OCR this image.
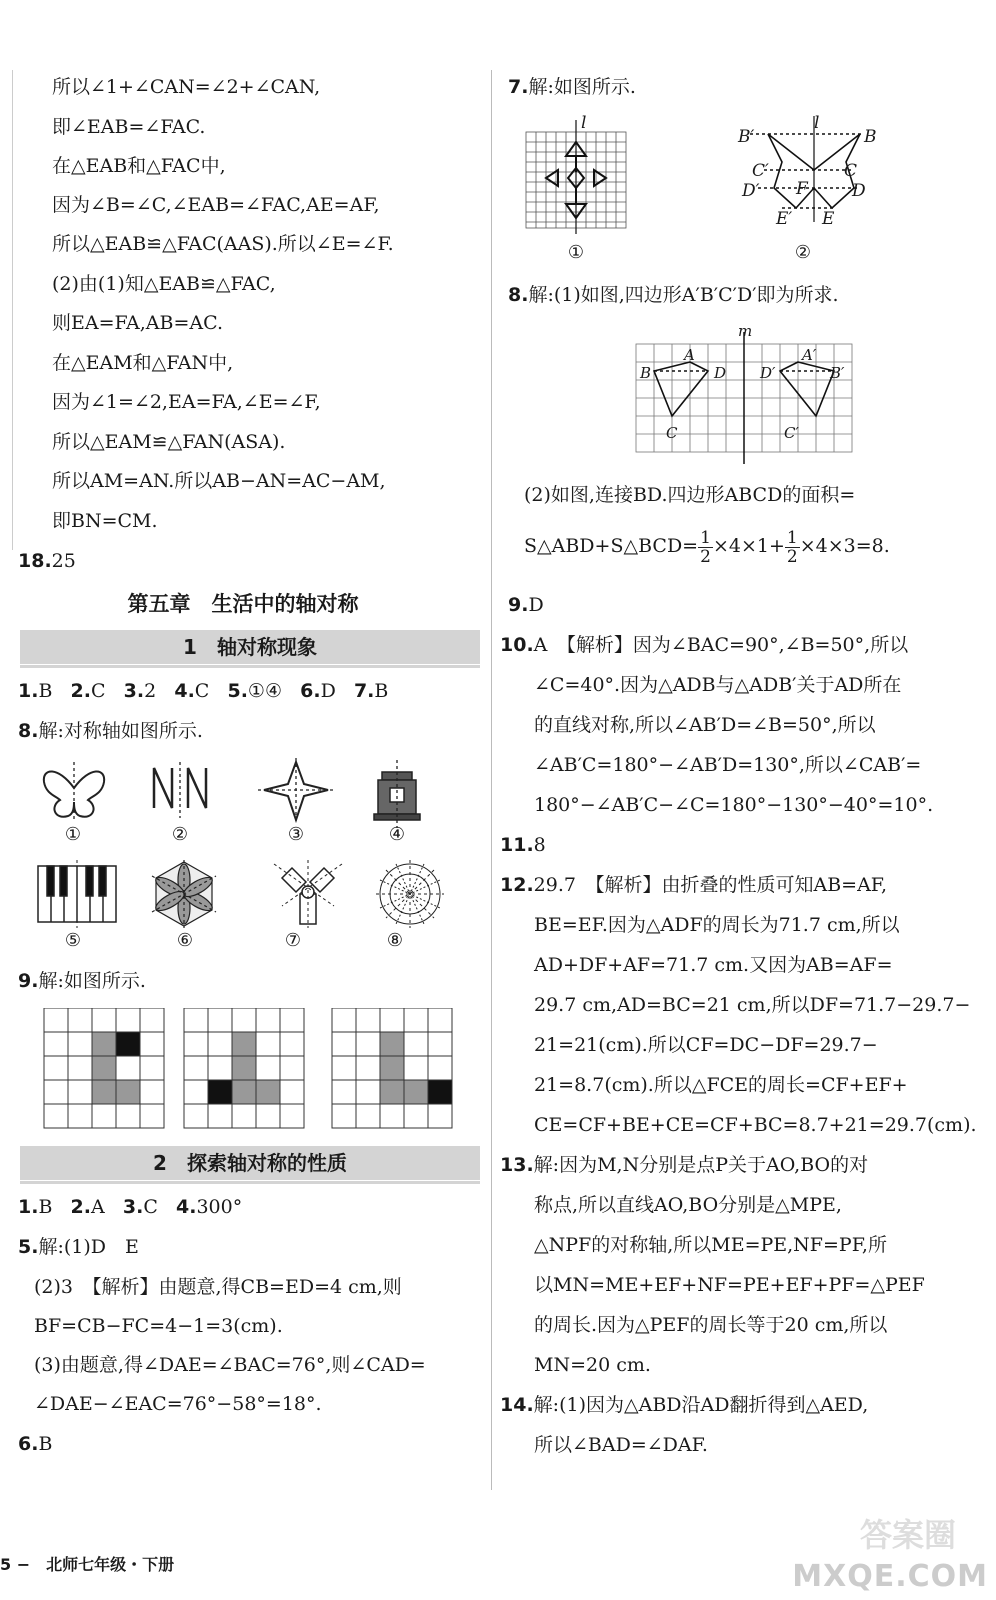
所以∠1+∠CAN=∠2+∠CAN,
即∠EAB=∠FAC.
在△EAB和△FAC中,
因为∠B=∠C,∠EAB=∠FAC,AE=AF,
所以△EAB≌△FAC(AAS).所以∠E=∠F.
(2)由(1)知△EAB≌△FAC,
则EA=FA,AB=AC.
在△EAM和△FAN中,
因为∠1=∠2,EA=FA,∠E=∠F,
所以△EAM≌△FAN(ASA).
所以AM=AN.所以AB−AN=AC−AM,
即BN=CM.
18.25
第五章　生活中的轴对称
1　轴对称现象
1.B 2.C 3.2 4.C 5.①④ 6.D 7.B
8.解:对称轴如图所示.
①	②	③	④
⑤	⑥	⑦	⑧
9.解:如图所示.
2　探索轴对称的性质
1.B 2.A 3.C 4.300°
5.解:(1)D　E
(2)3　【解析】由题意,得CB=ED=4 cm,则
BF=CB−FC=4−1=3(cm).
(3)由题意,得∠DAE=∠BAC=76°,则∠CAD=
∠DAE−∠EAC=76°−58°=18°.
6.B
7.解:如图所示.
l	l
B′	B
C′	C
D′ F	D
E′ E
①	②
8.解:(1)如图,四边形A′B′C′D′即为所求.
m
A
B	D
C
A′
D′	B′
C′
(2)如图,连接BD.四边形ABCD的面积=
S△ABD+S△BCD= $\frac{1}{2} \times 4\times 1+ \frac{1}{2} \times 4\times 3=8$.
9.D
10.A　【解析】因为∠BAC=90°,∠B=50°,所以
∠C=40°.因为△ADB与△ADB′关于AD所在
的直线对称,所以∠AB′D=∠B=50°,所以
∠AB′C=180°−∠AB′D=130°,所以∠CAB′=
180°−∠AB′C−∠C=180°−130°−40°=10°.
11.8
12.29.7　【解析】由折叠的性质可知AB=AF,
BE=EF.因为△ADF的周长为71.7 cm,所以
AD+DF+AF=71.7 cm.又因为AB=AF=
29.7 cm,AD=BC=21 cm,所以DF=71.7−29.7−
21=21(cm).所以CF=DC−DF=29.7−
21=8.7(cm).所以△FCE的周长=CF+EF+
CE=CF+BE+CE=CF+BC=8.7+21=29.7(cm).
13.解:因为M,N分别是点P关于AO,BO的对
称点,所以直线AO,BO分别是△MPE,
△NPF的对称轴,所以ME=PE,NF=PF,所
以MN=ME+EF+NF=PE+EF+PF=△PEF
的周长.因为△PEF的周长等于20 cm,所以
MN=20 cm.
14.解:(1)因为△ABD沿AD翻折得到△AED,
所以∠BAD=∠DAF.
5 −　北师七年级・下册
答案圈
MXQE.COM
